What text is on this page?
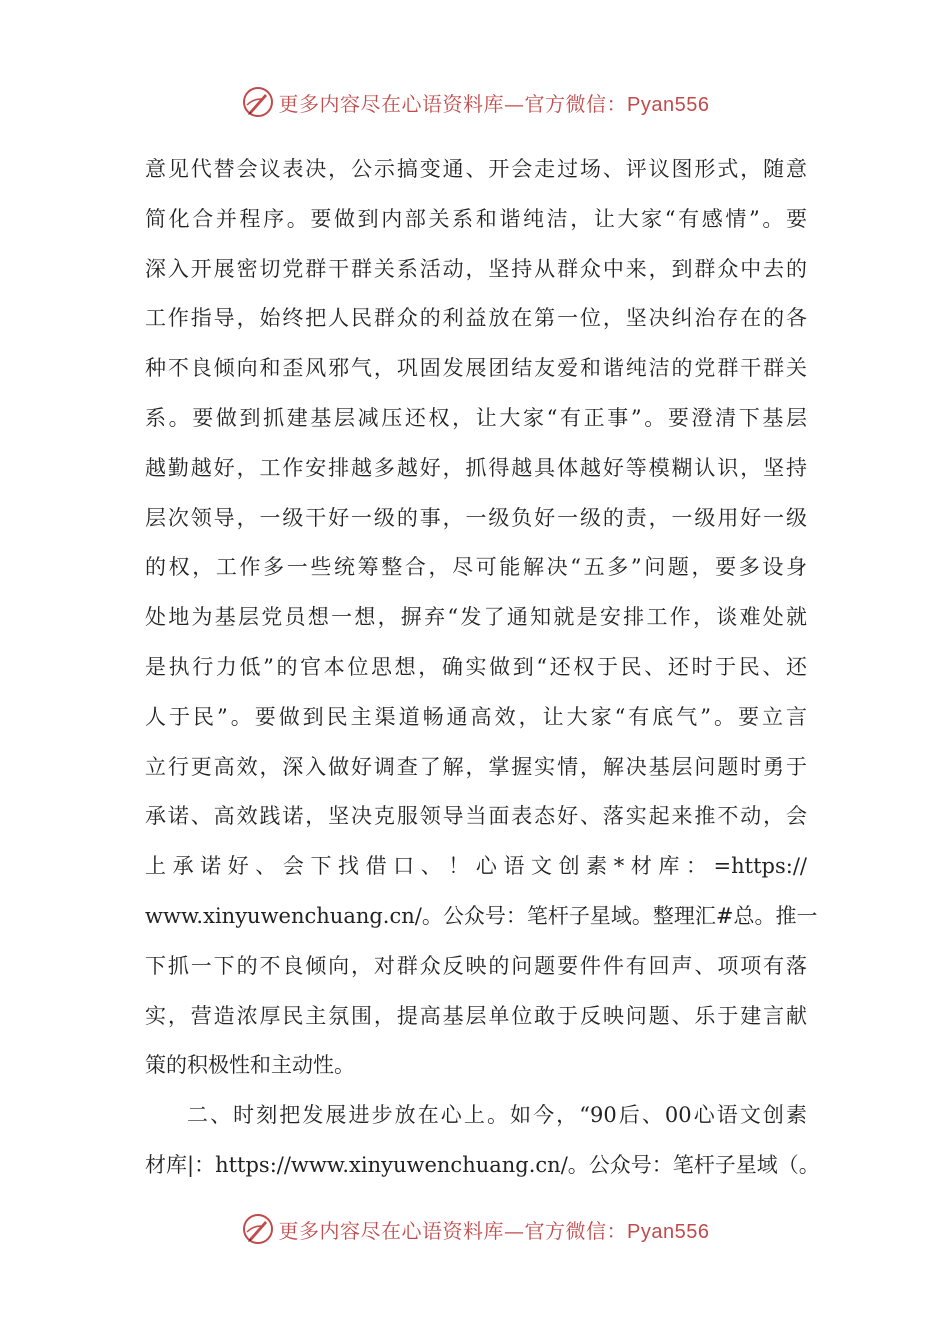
更多内容尽在心语资料库—官方微信：Pyan556
意见代替会议表决，公示搞变通、开会走过场、评议图形式，随意
简化合并程序。要做到内部关系和谐纯洁，让大家“有感情”。要
深入开展密切党群干群关系活动，坚持从群众中来，到群众中去的
工作指导，始终把人民群众的利益放在第一位，坚决纠治存在的各
种不良倾向和歪风邪气，巩固发展团结友爱和谐纯洁的党群干群关
系。要做到抓建基层减压还权，让大家“有正事”。要澄清下基层
越勤越好，工作安排越多越好，抓得越具体越好等模糊认识，坚持
层次领导，一级干好一级的事，一级负好一级的责，一级用好一级
的权，工作多一些统筹整合，尽可能解决“五多”问题，要多设身
处地为基层党员想一想，摒弃“发了通知就是安排工作，谈难处就
是执行力低”的官本位思想，确实做到“还权于民、还时于民、还
人于民”。要做到民主渠道畅通高效，让大家“有底气”。要立言
立行更高效，深入做好调查了解，掌握实情，解决基层问题时勇于
承诺、高效践诺，坚决克服领导当面表态好、落实起来推不动，会
上承诺好、会下找借口、！心语文创素*材库：=https://
www.xinyuwenchuang.cn/。公众号：笔杆子星域。整理汇#总。推一
下抓一下的不良倾向，对群众反映的问题要件件有回声、项项有落
实，营造浓厚民主氛围，提高基层单位敢于反映问题、乐于建言献
策的积极性和主动性。
二、时刻把发展进步放在心上。如今，“90后、00心语文创素
材库|：https://www.xinyuwenchuang.cn/。公众号：笔杆子星域（。
更多内容尽在心语资料库—官方微信：Pyan556
